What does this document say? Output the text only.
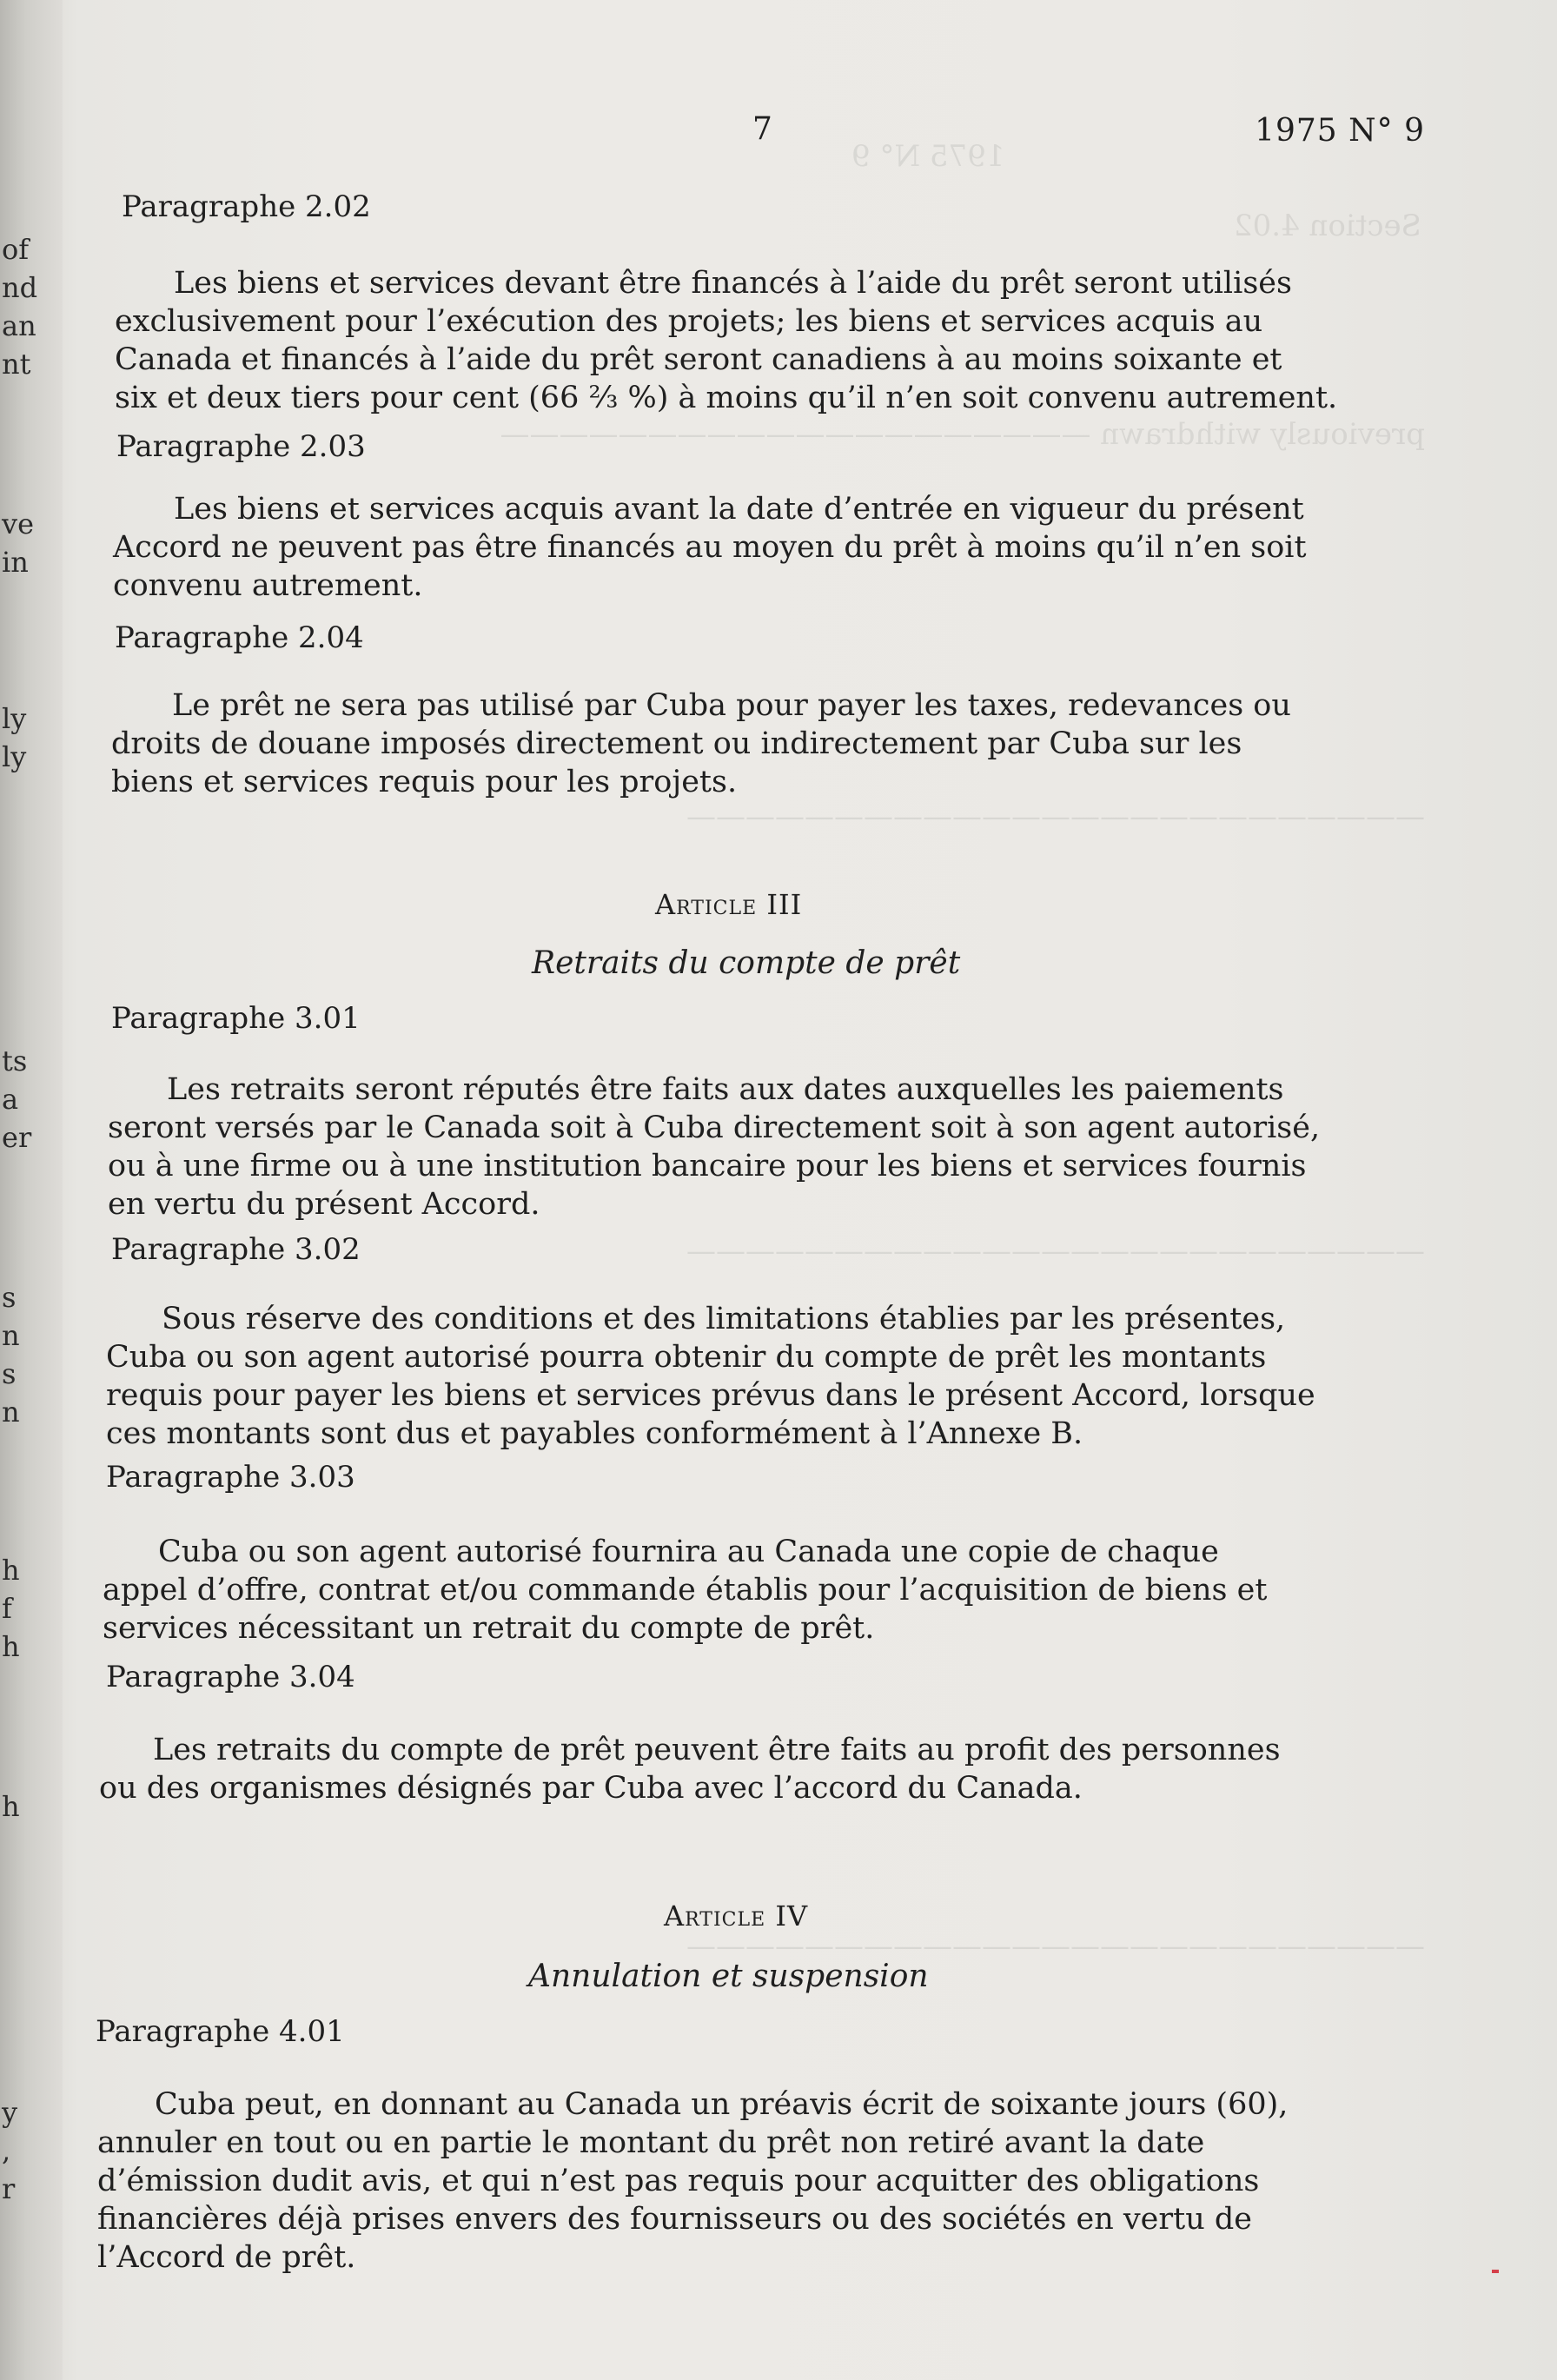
of
nd
an
nt
ve
in
ly
ly
ts
a
er
s
n
s
n
h
f
h
h
y
,
r
1975 N° 9
Section 4.02
previously withdrawn ————————————————————
—————————————————————————
—————————————————————————
—————————————————————————
7	1975 N° 9
Paragraphe 2.02
Les biens et services devant être financés à l’aide du prêt seront utilisés
exclusivement pour l’exécution des projets; les biens et services acquis au
Canada et financés à l’aide du prêt seront canadiens à au moins soixante et
six et deux tiers pour cent (66 ⅔ %) à moins qu’il n’en soit convenu autrement.
Paragraphe 2.03
Les biens et services acquis avant la date d’entrée en vigueur du présent
Accord ne peuvent pas être financés au moyen du prêt à moins qu’il n’en soit
convenu autrement.
Paragraphe 2.04
Le prêt ne sera pas utilisé par Cuba pour payer les taxes, redevances ou
droits de douane imposés directement ou indirectement par Cuba sur les
biens et services requis pour les projets.
Article III
Retraits du compte de prêt
Paragraphe 3.01
Les retraits seront réputés être faits aux dates auxquelles les paiements
seront versés par le Canada soit à Cuba directement soit à son agent autorisé,
ou à une firme ou à une institution bancaire pour les biens et services fournis
en vertu du présent Accord.
Paragraphe 3.02
Sous réserve des conditions et des limitations établies par les présentes,
Cuba ou son agent autorisé pourra obtenir du compte de prêt les montants
requis pour payer les biens et services prévus dans le présent Accord, lorsque
ces montants sont dus et payables conformément à l’Annexe B.
Paragraphe 3.03
Cuba ou son agent autorisé fournira au Canada une copie de chaque
appel d’offre, contrat et/ou commande établis pour l’acquisition de biens et
services nécessitant un retrait du compte de prêt.
Paragraphe 3.04
Les retraits du compte de prêt peuvent être faits au profit des personnes
ou des organismes désignés par Cuba avec l’accord du Canada.
Article IV
Annulation et suspension
Paragraphe 4.01
Cuba peut, en donnant au Canada un préavis écrit de soixante jours (60),
annuler en tout ou en partie le montant du prêt non retiré avant la date
d’émission dudit avis, et qui n’est pas requis pour acquitter des obligations
financières déjà prises envers des fournisseurs ou des sociétés en vertu de
l’Accord de prêt.
